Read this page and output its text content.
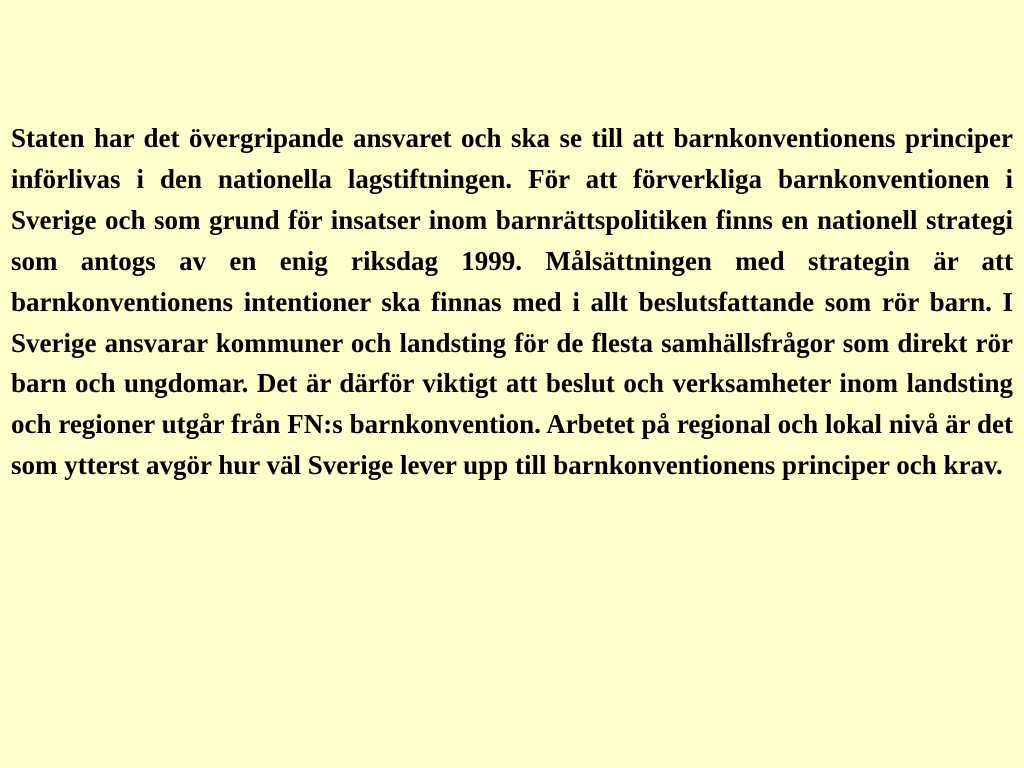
Staten har det övergripande ansvaret och ska se till att barnkonventionens principer införlivas i den nationella lagstiftningen. För att förverkliga barnkonventionen i Sverige och som grund för insatser inom barnrättspolitiken finns en nationell strategi som antogs av en enig riksdag 1999. Målsättningen med strategin är att barnkonventionens intentioner ska finnas med i allt beslutsfattande som rör barn. I Sverige ansvarar kommuner och landsting för de flesta samhällsfrågor som direkt rör barn och ungdomar. Det är därför viktigt att beslut och verksamheter inom landsting och regioner utgår från FN:s barnkonvention. Arbetet på regional och lokal nivå är det som ytterst avgör hur väl Sverige lever upp till barnkonventionens principer och krav.
